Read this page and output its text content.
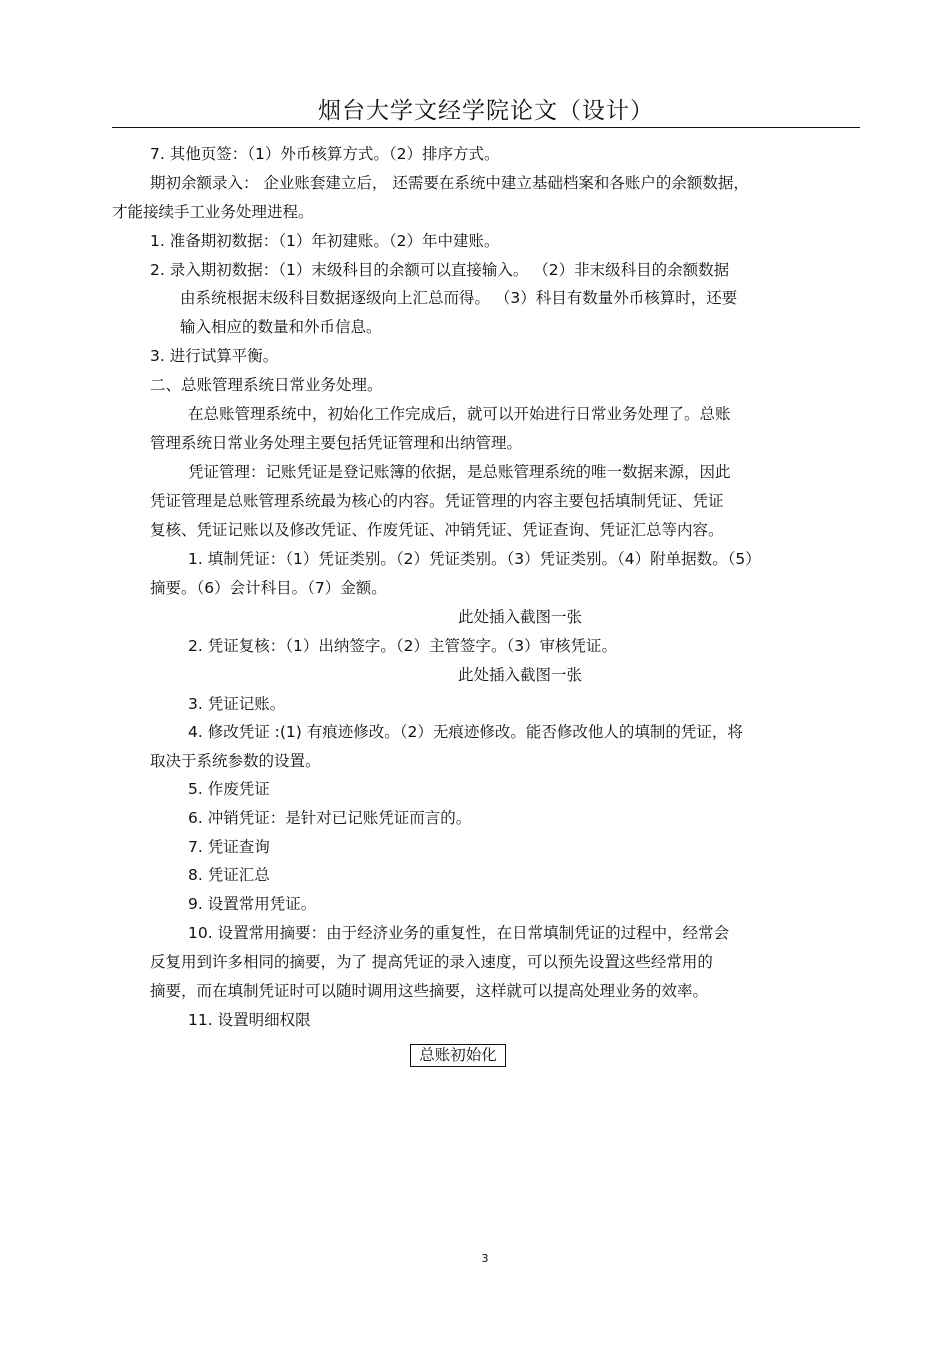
烟台大学文经学院论文（设计）
7. 其他页签：（1）外币核算方式。（2）排序方式。
期初余额录入： 企业账套建立后， 还需要在系统中建立基础档案和各账户的余额数据，
才能接续手工业务处理进程。
1. 准备期初数据：（1）年初建账。（2）年中建账。
2. 录入期初数据：（1）末级科目的余额可以直接输入。 （2）非末级科目的余额数据
由系统根据末级科目数据逐级向上汇总而得。 （3）科目有数量外币核算时，还要
输入相应的数量和外币信息。
3. 进行试算平衡。
二、总账管理系统日常业务处理。
在总账管理系统中，初始化工作完成后，就可以开始进行日常业务处理了。总账
管理系统日常业务处理主要包括凭证管理和出纳管理。
凭证管理：记账凭证是登记账簿的依据，是总账管理系统的唯一数据来源，因此
凭证管理是总账管理系统最为核心的内容。凭证管理的内容主要包括填制凭证、凭证
复核、凭证记账以及修改凭证、作废凭证、冲销凭证、凭证查询、凭证汇总等内容。
1. 填制凭证：（1）凭证类别。（2）凭证类别。（3）凭证类别。（4）附单据数。（5）
摘要。（6）会计科目。（7）金额。
此处插入截图一张
2. 凭证复核：（1）出纳签字。（2）主管签字。（3）审核凭证。
此处插入截图一张
3. 凭证记账。
4. 修改凭证 :(1) 有痕迹修改。（2）无痕迹修改。能否修改他人的填制的凭证，将
取决于系统参数的设置。
5. 作废凭证
6. 冲销凭证：是针对已记账凭证而言的。
7. 凭证查询
8. 凭证汇总
9. 设置常用凭证。
10. 设置常用摘要：由于经济业务的重复性，在日常填制凭证的过程中，经常会
反复用到许多相同的摘要，为了 提高凭证的录入速度，可以预先设置这些经常用的
摘要，而在填制凭证时可以随时调用这些摘要，这样就可以提高处理业务的效率。
11. 设置明细权限
总账初始化
3
